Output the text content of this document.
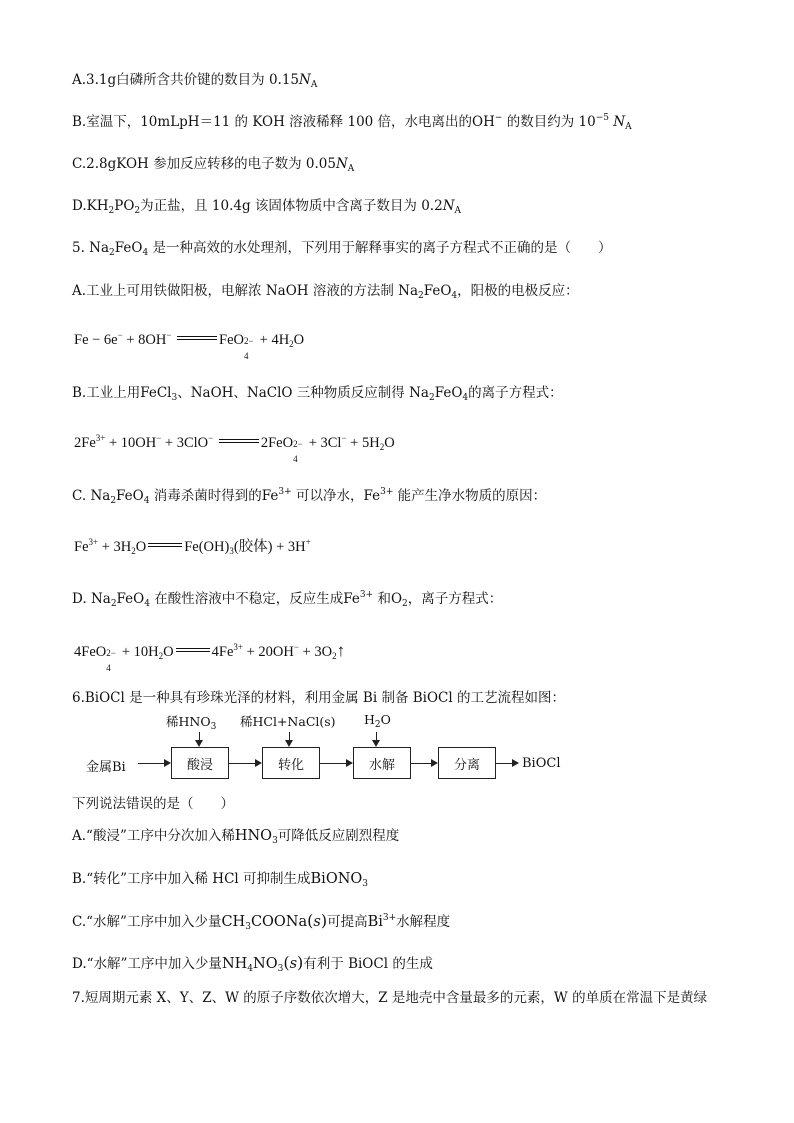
A.3.1g白磷所含共价键的数目为 $0.15N_A$
B.室温下，10mLpH＝11 的 KOH 溶液稀释 100 倍，水电离出的OH− 的数目约为 $10^{-5}$ $N_A$
C.2.8gKOH 参加反应转移的电子数为 $0.05N_A$
$D.KH_2PO_2$为正盐，且 10.4g 该固体物质中含离子数目为 $0.2N_A$
5. $Na_2FeO_4$ 是一种高效的水处理剂，下列用于解释事实的离子方程式不正确的是（　　）
A.工业上可用铁做阳极，电解浓 NaOH 溶液的方法制 $Na_2FeO_4$，阳极的电极反应：
Fe − 6e− + 8OH−	FeO 2−
4
+ $4H_2O$
B.工业上用FeCl$_3$、NaOH、NaClO 三种物质反应制得 $Na_2FeO_4$的离子方程式：
$2Fe^{3+} + 10OH^- + 3ClO^-$	2FeO 2−
4
+ $3Cl^- + 5H_2O$
C. $Na_2FeO_4$ 消毒杀菌时得到的$Fe^{3+}$ 可以净水，$Fe^{3+}$ 能产生净水物质的原因：
$Fe^{3+} + 3H_2O$	$Fe(OH)_3$(胶体) + 3H+
D. $Na_2FeO_4$ 在酸性溶液中不稳定，反应生成$Fe^{3+}$ 和$O_2$，离子方程式：
4FeO 2−
4
+ $10H_2O$	$4Fe^{3+} + 20OH^-$ + $3O_2↑$
6.BiOCl 是一种具有珍珠光泽的材料，利用金属 Bi 制备 BiOCl 的工艺流程如图：
稀$HNO_3$ 稀HCl+NaCl(s) $H_2O$
金属Bi	酸浸	转化	水解	分离	BiOCl
下列说法错误的是（　　）
A.“酸浸”工序中分次加入稀$HNO_3$可降低反应剧烈程度
B.“转化”工序中加入稀 HCl 可抑制生成BiONO$_3$
C.“水解”工序中加入少量$CH_3COONa(s)$可提高$Bi^{3+}$水解程度
D.“水解”工序中加入少量$NH_4NO_3(s)$有利于 BiOCl 的生成
7.短周期元素 X、Y、Z、W 的原子序数依次增大，Z 是地壳中含量最多的元素，W 的单质在常温下是黄绿
